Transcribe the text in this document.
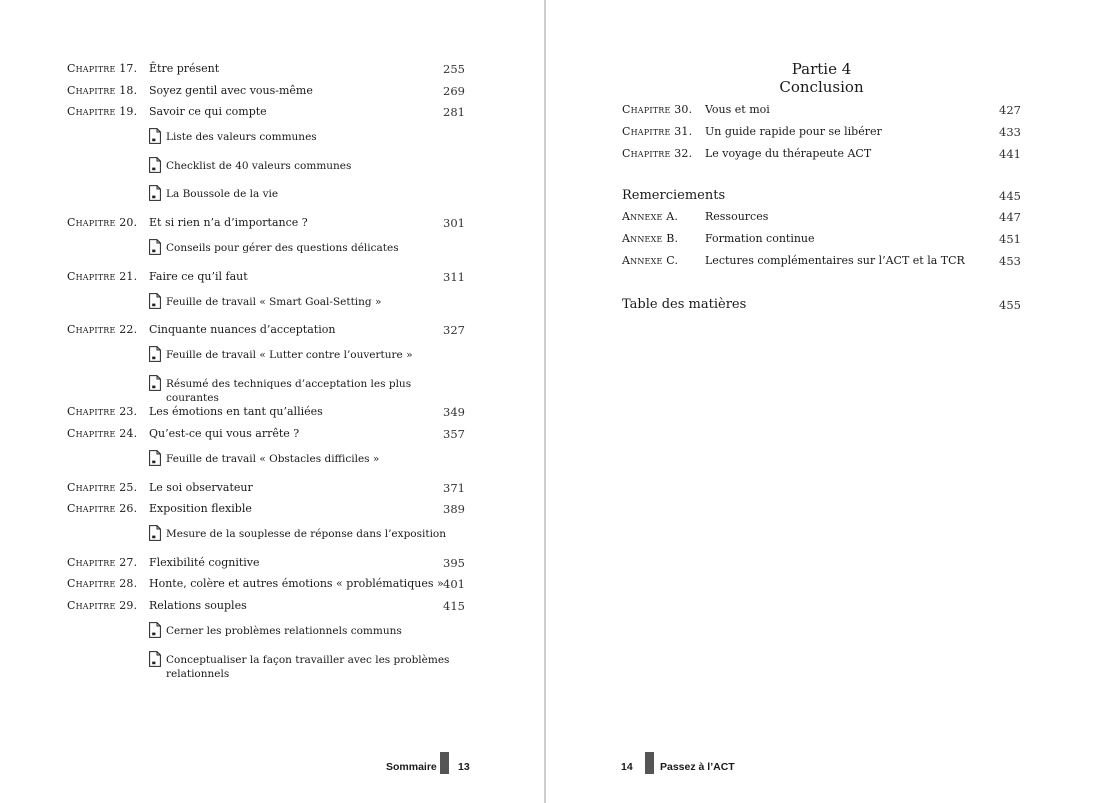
Chapitre 17. Être présent	255
Chapitre 18. Soyez gentil avec vous-même	269
Chapitre 19. Savoir ce qui compte	281
Liste des valeurs communes
Checklist de 40 valeurs communes
La Boussole de la vie
Chapitre 20. Et si rien n’a d’importance ?	301
Conseils pour gérer des questions délicates
Chapitre 21. Faire ce qu’il faut	311
Feuille de travail « Smart Goal-Setting »
Chapitre 22. Cinquante nuances d’acceptation	327
Feuille de travail « Lutter contre l’ouverture »
Résumé des techniques d’acceptation les plus courantes
Chapitre 23. Les émotions en tant qu’alliées	349
Chapitre 24. Qu’est-ce qui vous arrête ?	357
Feuille de travail « Obstacles difficiles »
Chapitre 25. Le soi observateur	371
Chapitre 26. Exposition flexible	389
Mesure de la souplesse de réponse dans l’exposition
Chapitre 27. Flexibilité cognitive	395
Chapitre 28. Honte, colère et autres émotions « problématiques » 401
Chapitre 29. Relations souples	415
Cerner les problèmes relationnels communs
Conceptualiser la façon travailler avec les problèmes relationnels
Sommaire 13
Partie 4
Conclusion
Chapitre 30. Vous et moi	427
Chapitre 31. Un guide rapide pour se libérer	433
Chapitre 32. Le voyage du thérapeute ACT	441
Remerciements	445
Annexe A. Ressources	447
Annexe B. Formation continue	451
Annexe C. Lectures complémentaires sur l’ACT et la TCR	453
Table des matières	455
14	Passez à l’ACT
